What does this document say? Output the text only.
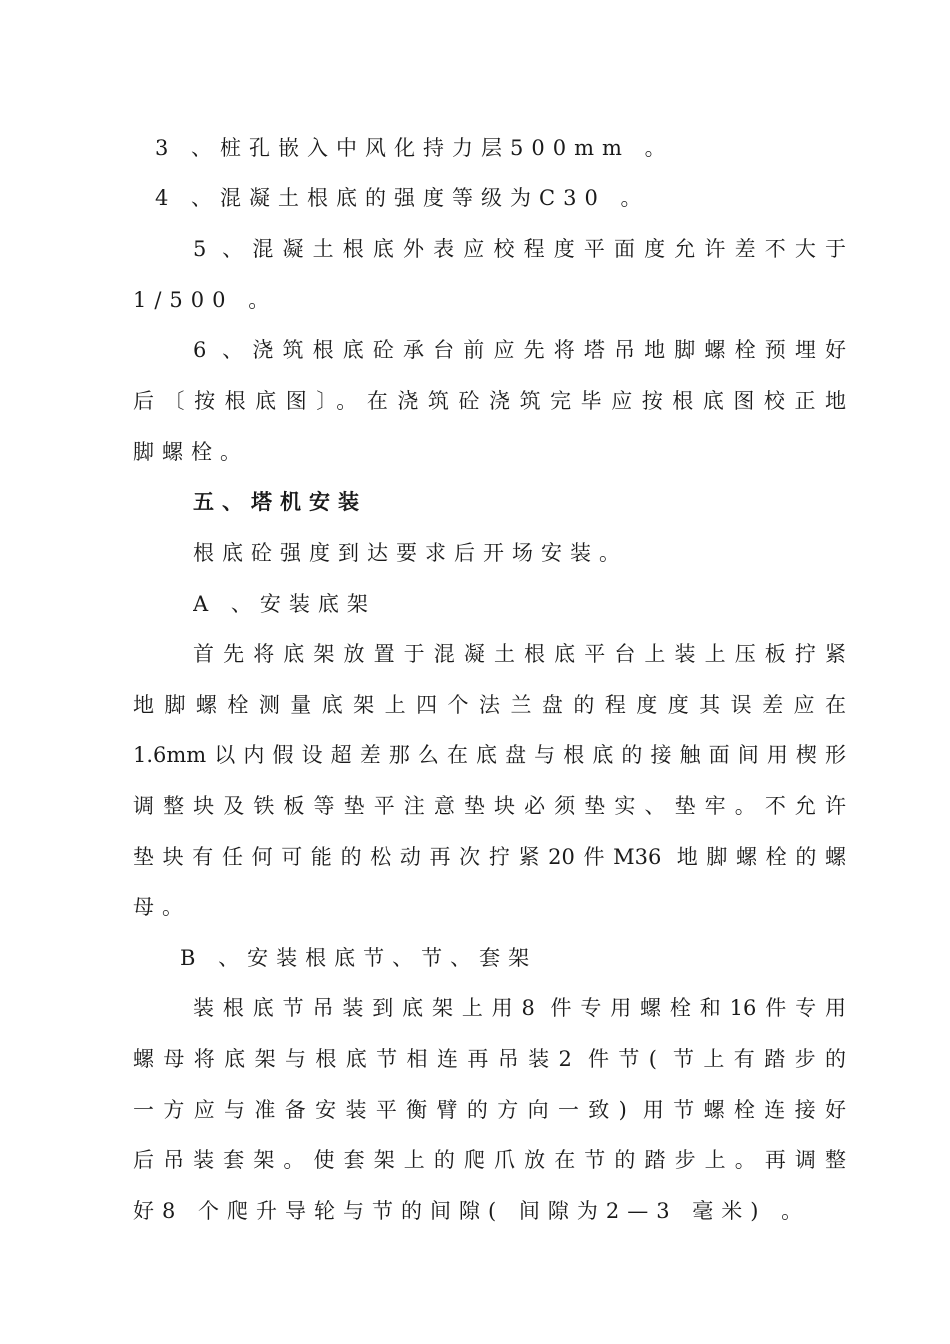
3 、桩孔嵌入中风化持力层500mm 。
4 、混凝土根底的强度等级为C30 。
5 、混凝土根底外表应校程度平面度允许差不大于
1/500 。
6 、浇筑根底砼承台前应先将塔吊地脚螺栓预埋好
后〔按根底图〕。在浇筑砼浇筑完毕应按根底图校正地
脚螺栓。
五、塔机安装
根底砼强度到达要求后开场安装。
A 、安装底架
首先将底架放置于混凝土根底平台上装上压板拧紧
地脚螺栓测量底架上四个法兰盘的程度度其误差应在
1.6mm以内假设超差那么在底盘与根底的接触面间用楔形
调整块及铁板等垫平注意垫块必须垫实、垫牢。不允许
垫块有任何可能的松动再次拧紧20件M36 地脚螺栓的螺
母。
B 、安装根底节、节、套架
装根底节吊装到底架上用8 件专用螺栓和16件专用
螺母将底架与根底节相连再吊装2 件节( 节上有踏步的
一方应与准备安装平衡臂的方向一致) 用节螺栓连接好
后吊装套架。使套架上的爬爪放在节的踏步上。再调整
好8 个爬升导轮与节的间隙( 间隙为2—3 毫米) 。
